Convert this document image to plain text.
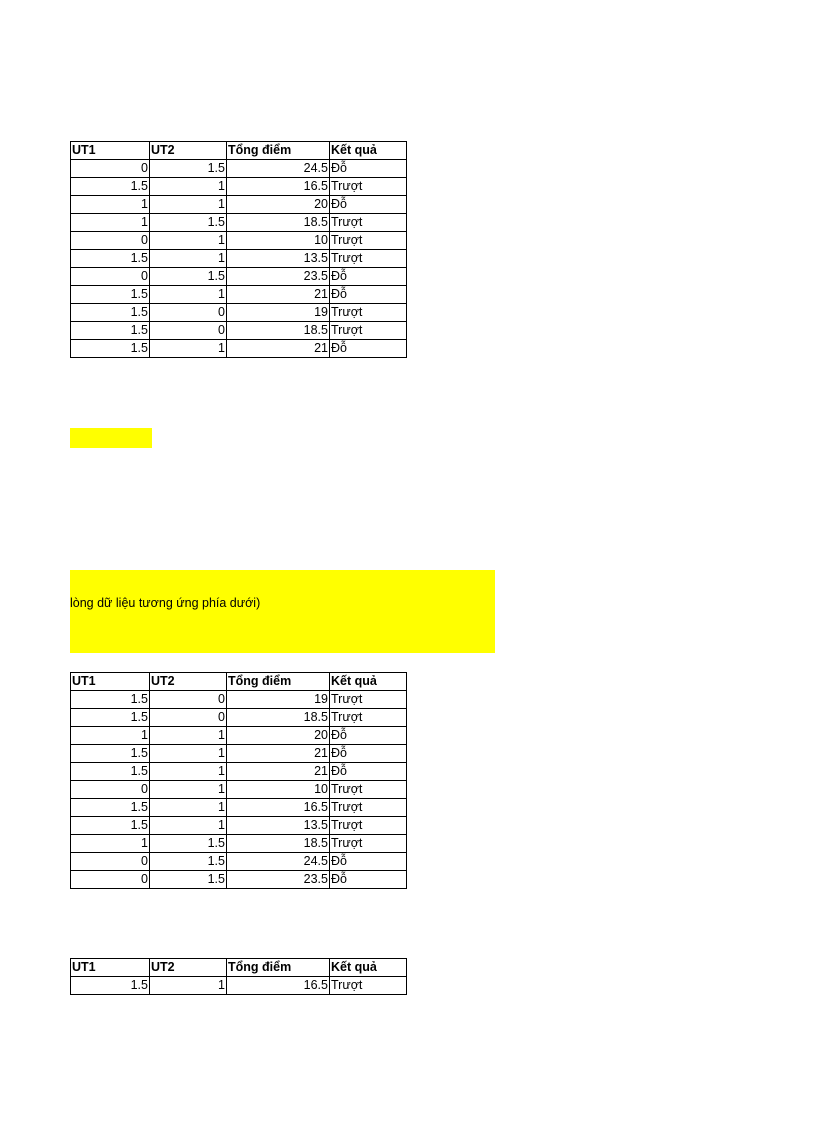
UT1	UT2	Tổng điểm	Kết quả
0	1.5	24.5	Đỗ
1.5	1	16.5	Trượt
1	1	20	Đỗ
1	1.5	18.5	Trượt
0	1	10	Trượt
1.5	1	13.5	Trượt
0	1.5	23.5	Đỗ
1.5	1	21	Đỗ
1.5	0	19	Trượt
1.5	0	18.5	Trượt
1.5	1	21	Đỗ
lòng dữ liệu tương ứng phía dưới)
UT1	UT2	Tổng điểm	Kết quả
1.5	0	19	Trượt
1.5	0	18.5	Trượt
1	1	20	Đỗ
1.5	1	21	Đỗ
1.5	1	21	Đỗ
0	1	10	Trượt
1.5	1	16.5	Trượt
1.5	1	13.5	Trượt
1	1.5	18.5	Trượt
0	1.5	24.5	Đỗ
0	1.5	23.5	Đỗ
UT1	UT2	Tổng điểm	Kết quả
1.5	1	16.5	Trượt
